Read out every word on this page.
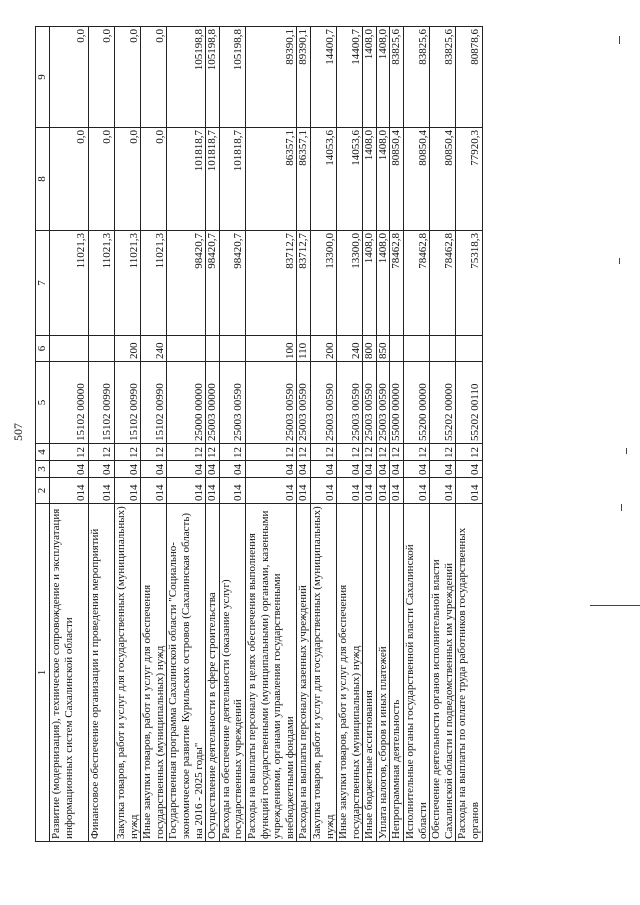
507
1	2	3	4	5	6	7	8	9
Развитие (модернизация), техническое сопровождение и эксплуатация информационных систем Сахалинской области	014	04	12	15102 00000		11021,3	0,0	0,0
Финансовое обеспечение организации и проведения мероприятий	014	04	12	15102 00990		11021,3	0,0	0,0
Закупка товаров, работ и услуг для государственных (муниципальных) нужд	014	04	12	15102 00990	200	11021,3	0,0	0,0
Иные закупки товаров, работ и услуг для обеспечения государственных (муниципальных) нужд	014	04	12	15102 00990	240	11021,3	0,0	0,0
Государственная программа Сахалинской области "Социально-экономическое развитие Курильских островов (Сахалинская область) на 2016 - 2025 годы"	014	04	12	25000 00000		98420,7	101818,7	105198,8
Осуществление деятельности в сфере строительства	014	04	12	25003 00000		98420,7	101818,7	105198,8
Расходы на обеспечение деятельности (оказание услуг) государственных учреждений	014	04	12	25003 00590		98420,7	101818,7	105198,8
Расходы на выплаты персоналу в целях обеспечения выполнения функций государственными (муниципальными) органами, казенными учреждениями, органами управления государственными внебюджетными фондами	014	04	12	25003 00590	100	83712,7	86357,1	89390,1
Расходы на выплаты персоналу казенных учреждений	014	04	12	25003 00590	110	83712,7	86357,1	89390,1
Закупка товаров, работ и услуг для государственных (муниципальных) нужд	014	04	12	25003 00590	200	13300,0	14053,6	14400,7
Иные закупки товаров, работ и услуг для обеспечения государственных (муниципальных) нужд	014	04	12	25003 00590	240	13300,0	14053,6	14400,7
Иные бюджетные ассигнования	014	04	12	25003 00590	800	1408,0	1408,0	1408,0
Уплата налогов, сборов и иных платежей	014	04	12	25003 00590	850	1408,0	1408,0	1408,0
Непрограммная деятельность	014	04	12	55000 00000		78462,8	80850,4	83825,6
Исполнительные органы государственной власти Сахалинской области	014	04	12	55200 00000		78462,8	80850,4	83825,6
Обеспечение деятельности органов исполнительной власти Сахалинской области и подведомственных им учреждений	014	04	12	55202 00000		78462,8	80850,4	83825,6
Расходы на выплаты по оплате труда работников государственных органов	014	04	12	55202 00110		75318,3	77920,3	80878,6
